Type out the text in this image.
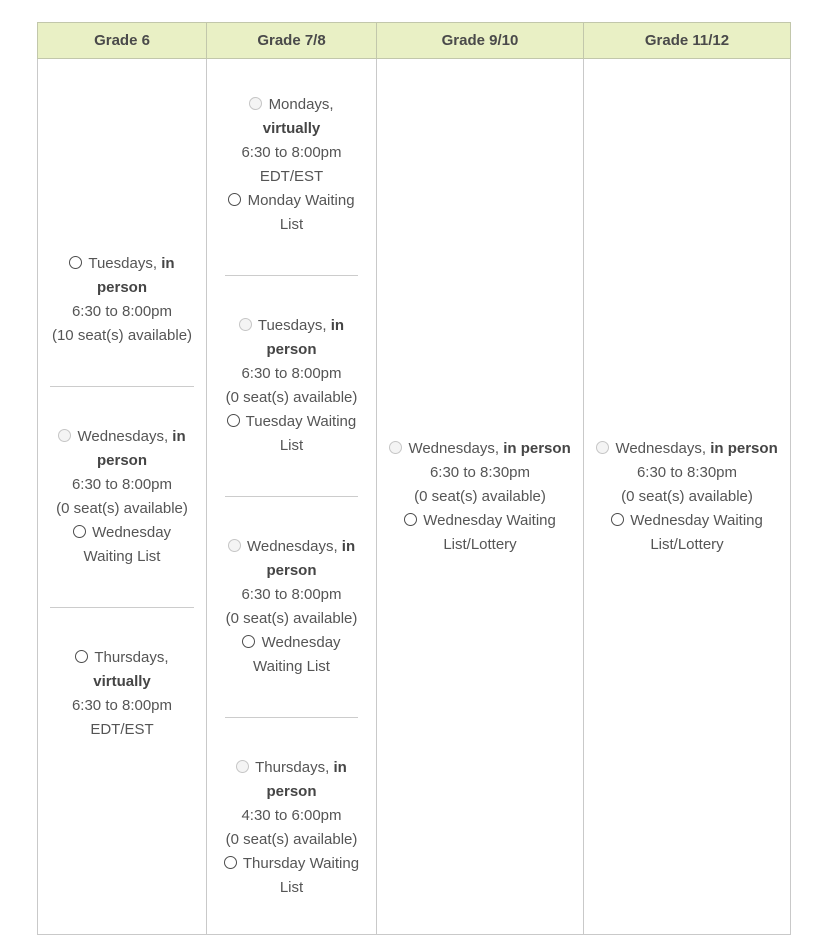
Grade 6	Grade 7/8	Grade 9/10	Grade 11/12

Tuesdays, in person
6:30 to 8:00pm
(10 seat(s) available)
Wednesdays, in person
6:30 to 8:00pm
(0 seat(s) available)
Wednesday Waiting List
Thursdays, virtually
6:30 to 8:00pm
EDT/EST

Mondays, virtually
6:30 to 8:00pm
EDT/EST
Monday Waiting List
Tuesdays, in person
6:30 to 8:00pm
(0 seat(s) available)
Tuesday Waiting List
Wednesdays, in person
6:30 to 8:00pm
(0 seat(s) available)
Wednesday Waiting List
Thursdays, in person
4:30 to 6:00pm
(0 seat(s) available)
Thursday Waiting List

Wednesdays, in person
6:30 to 8:30pm
(0 seat(s) available)
Wednesday Waiting List/Lottery

Wednesdays, in person
6:30 to 8:30pm
(0 seat(s) available)
Wednesday Waiting List/Lottery
